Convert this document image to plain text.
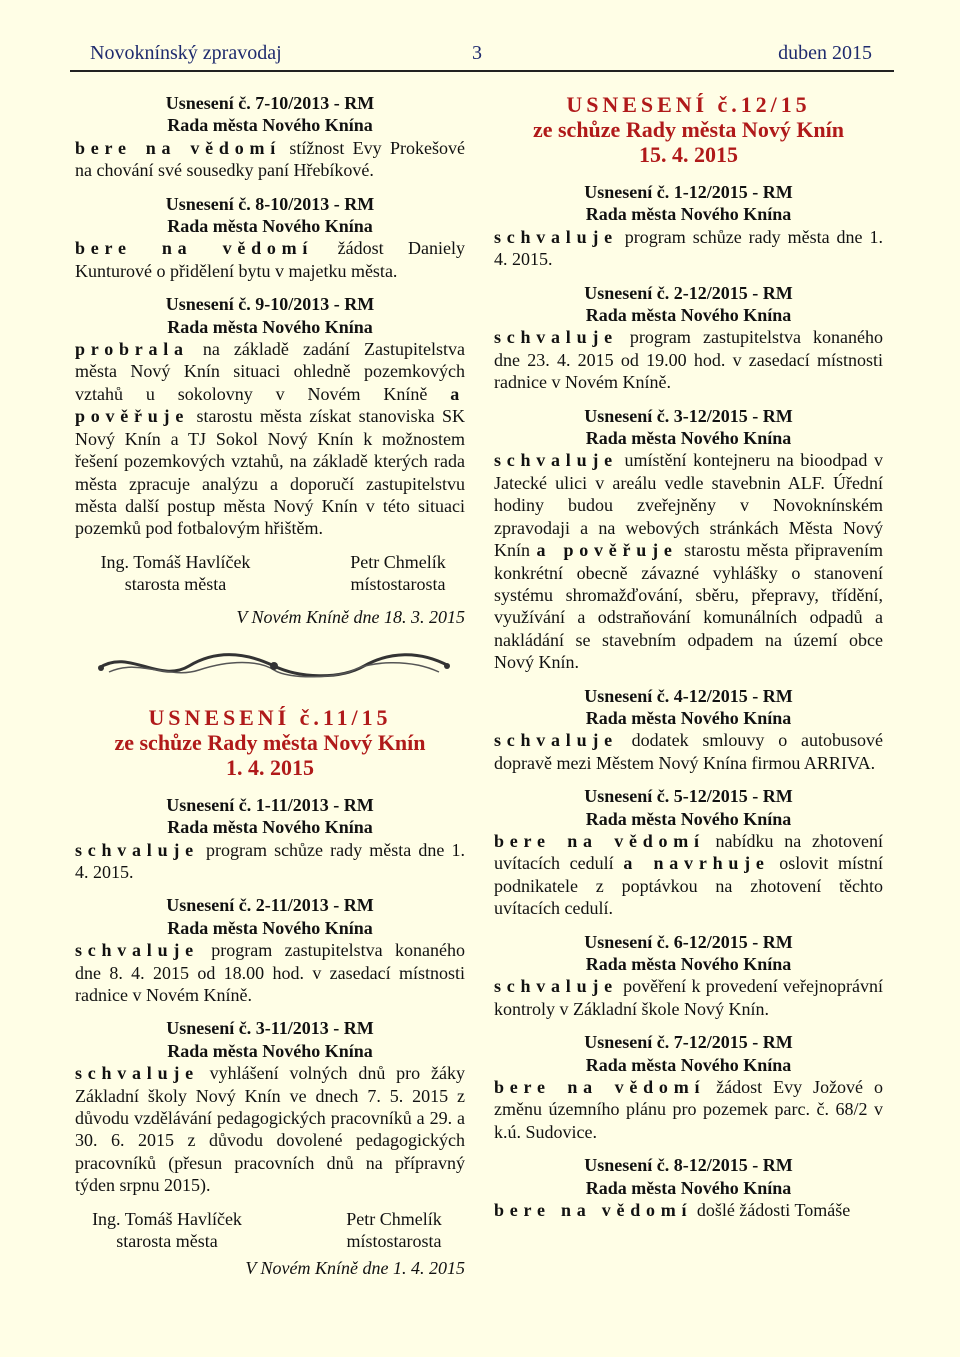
Novoknínský zpravodaj	3	duben 2015
Usnesení č. 7-10/2013 - RM
Rada města Nového Knína
bere na vědomí stížnost Evy Prokešové na chování své sousedky paní Hřebíkové.
Usnesení č. 8-10/2013 - RM
Rada města Nového Knína
bere na vědomí žádost Daniely Kunturové o přidělení bytu v majetku města.
Usnesení č. 9-10/2013 - RM
Rada města Nového Knína
probrala na základě zadání Zastupitelstva města Nový Knín situaci ohledně pozemkových vztahů u sokolovny v Novém Kníně a pověřuje starostu města získat stanoviska SK Nový Knín a TJ Sokol Nový Knín k možnostem řešení pozemkových vztahů, na základě kterých rada města zpracuje analýzu a doporučí zastupitelstvu města další postup města Nový Knín v této situaci pozemků pod fotbalovým hřištěm.
Ing. Tomáš Havlíček
starosta města
Petr Chmelík
místostarosta
V Novém Kníně dne 18. 3. 2015
USNESENÍ č.11/15
ze schůze Rady města Nový Knín
1. 4. 2015
Usnesení č. 1-11/2013 - RM
Rada města Nového Knína
schvaluje program schůze rady města dne 1. 4. 2015.
Usnesení č. 2-11/2013 - RM
Rada města Nového Knína
schvaluje program zastupitelstva konaného dne 8. 4. 2015 od 18.00 hod. v zasedací místnosti radnice v Novém Kníně.
Usnesení č. 3-11/2013 - RM
Rada města Nového Knína
schvaluje vyhlášení volných dnů pro žáky Základní školy Nový Knín ve dnech 7. 5. 2015 z důvodu vzdělávání pedagogických pracovníků a 29. a 30. 6. 2015 z důvodu dovolené pedagogických pracovníků (přesun pracovních dnů na přípravný týden srpnu 2015).
Ing. Tomáš Havlíček
starosta města
Petr Chmelík
místostarosta
V Novém Kníně dne 1. 4. 2015
USNESENÍ č.12/15
ze schůze Rady města Nový Knín
15. 4. 2015
Usnesení č. 1-12/2015 - RM
Rada města Nového Knína
schvaluje program schůze rady města dne 1. 4. 2015.
Usnesení č. 2-12/2015 - RM
Rada města Nového Knína
schvaluje program zastupitelstva konaného dne 23. 4. 2015 od 19.00 hod. v zasedací místnosti radnice v Novém Kníně.
Usnesení č. 3-12/2015 - RM
Rada města Nového Knína
schvaluje umístění kontejneru na bioodpad v Jatecké ulici v areálu vedle stavebnin ALF. Úřední hodiny budou zveřejněny v Novoknínském zpravodaji a na webových stránkách Města Nový Knín a pověřuje starostu města připravením konkrétní obecně závazné vyhlášky o stanovení systému shromažďování, sběru, přepravy, třídění, využívání a odstraňování komunálních odpadů a nakládání se stavebním odpadem na území obce Nový Knín.
Usnesení č. 4-12/2015 - RM
Rada města Nového Knína
schvaluje dodatek smlouvy o autobusové dopravě mezi Městem Nový Knína firmou ARRIVA.
Usnesení č. 5-12/2015 - RM
Rada města Nového Knína
bere na vědomí nabídku na zhotovení uvítacích cedulí a navrhuje oslovit místní podnikatele z poptávkou na zhotovení těchto uvítacích cedulí.
Usnesení č. 6-12/2015 - RM
Rada města Nového Knína
schvaluje pověření k provedení veřejnoprávní kontroly v Základní škole Nový Knín.
Usnesení č. 7-12/2015 - RM
Rada města Nového Knína
bere na vědomí žádost Evy Jožové o změnu územního plánu pro pozemek parc. č. 68/2 v k.ú. Sudovice.
Usnesení č. 8-12/2015 - RM
Rada města Nového Knína
bere na vědomí došlé žádosti Tomáše
